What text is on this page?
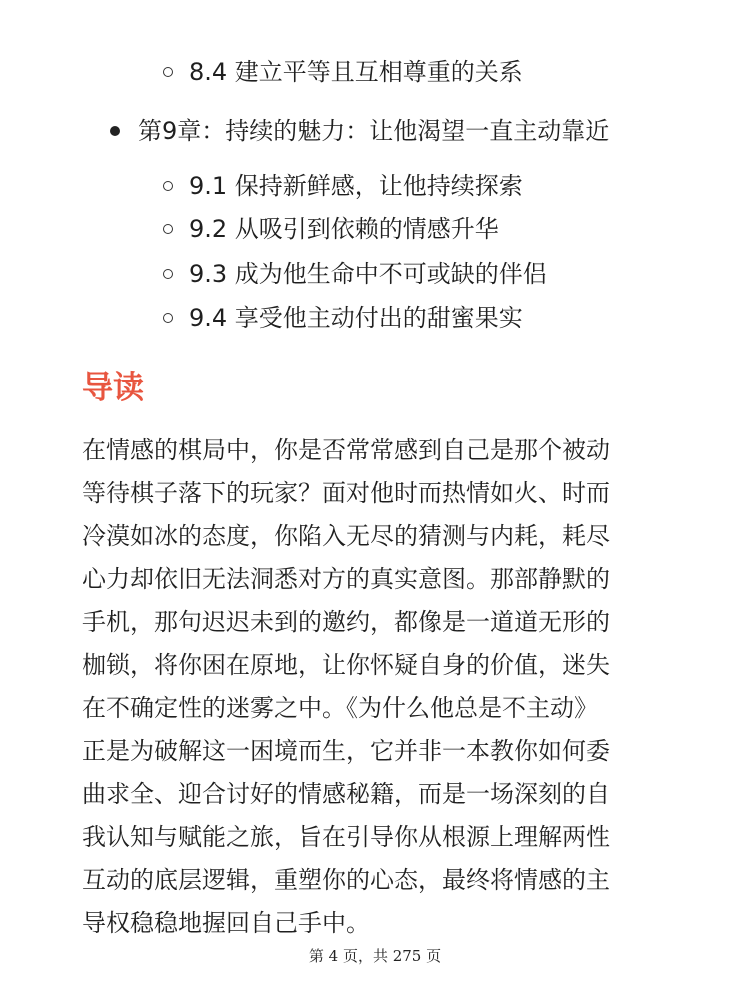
8.4 建立平等且互相尊重的关系
第9章：持续的魅力：让他渴望一直主动靠近
9.1 保持新鲜感，让他持续探索
9.2 从吸引到依赖的情感升华
9.3 成为他生命中不可或缺的伴侣
9.4 享受他主动付出的甜蜜果实
导读

在情感的棋局中，你是否常常感到自己是那个被动

等待棋子落下的玩家？面对他时而热情如火、时而

冷漠如冰的态度，你陷入无尽的猜测与内耗，耗尽

心力却依旧无法洞悉对方的真实意图。那部静默的

手机，那句迟迟未到的邀约，都像是一道道无形的

枷锁，将你困在原地，让你怀疑自身的价值，迷失

在不确定性的迷雾之中。《为什么他总是不主动》

正是为破解这一困境而生，它并非一本教你如何委

曲求全、迎合讨好的情感秘籍，而是一场深刻的自

我认知与赋能之旅，旨在引导你从根源上理解两性

互动的底层逻辑，重塑你的心态，最终将情感的主

导权稳稳地握回自己手中。

第 4 页，共 275 页
